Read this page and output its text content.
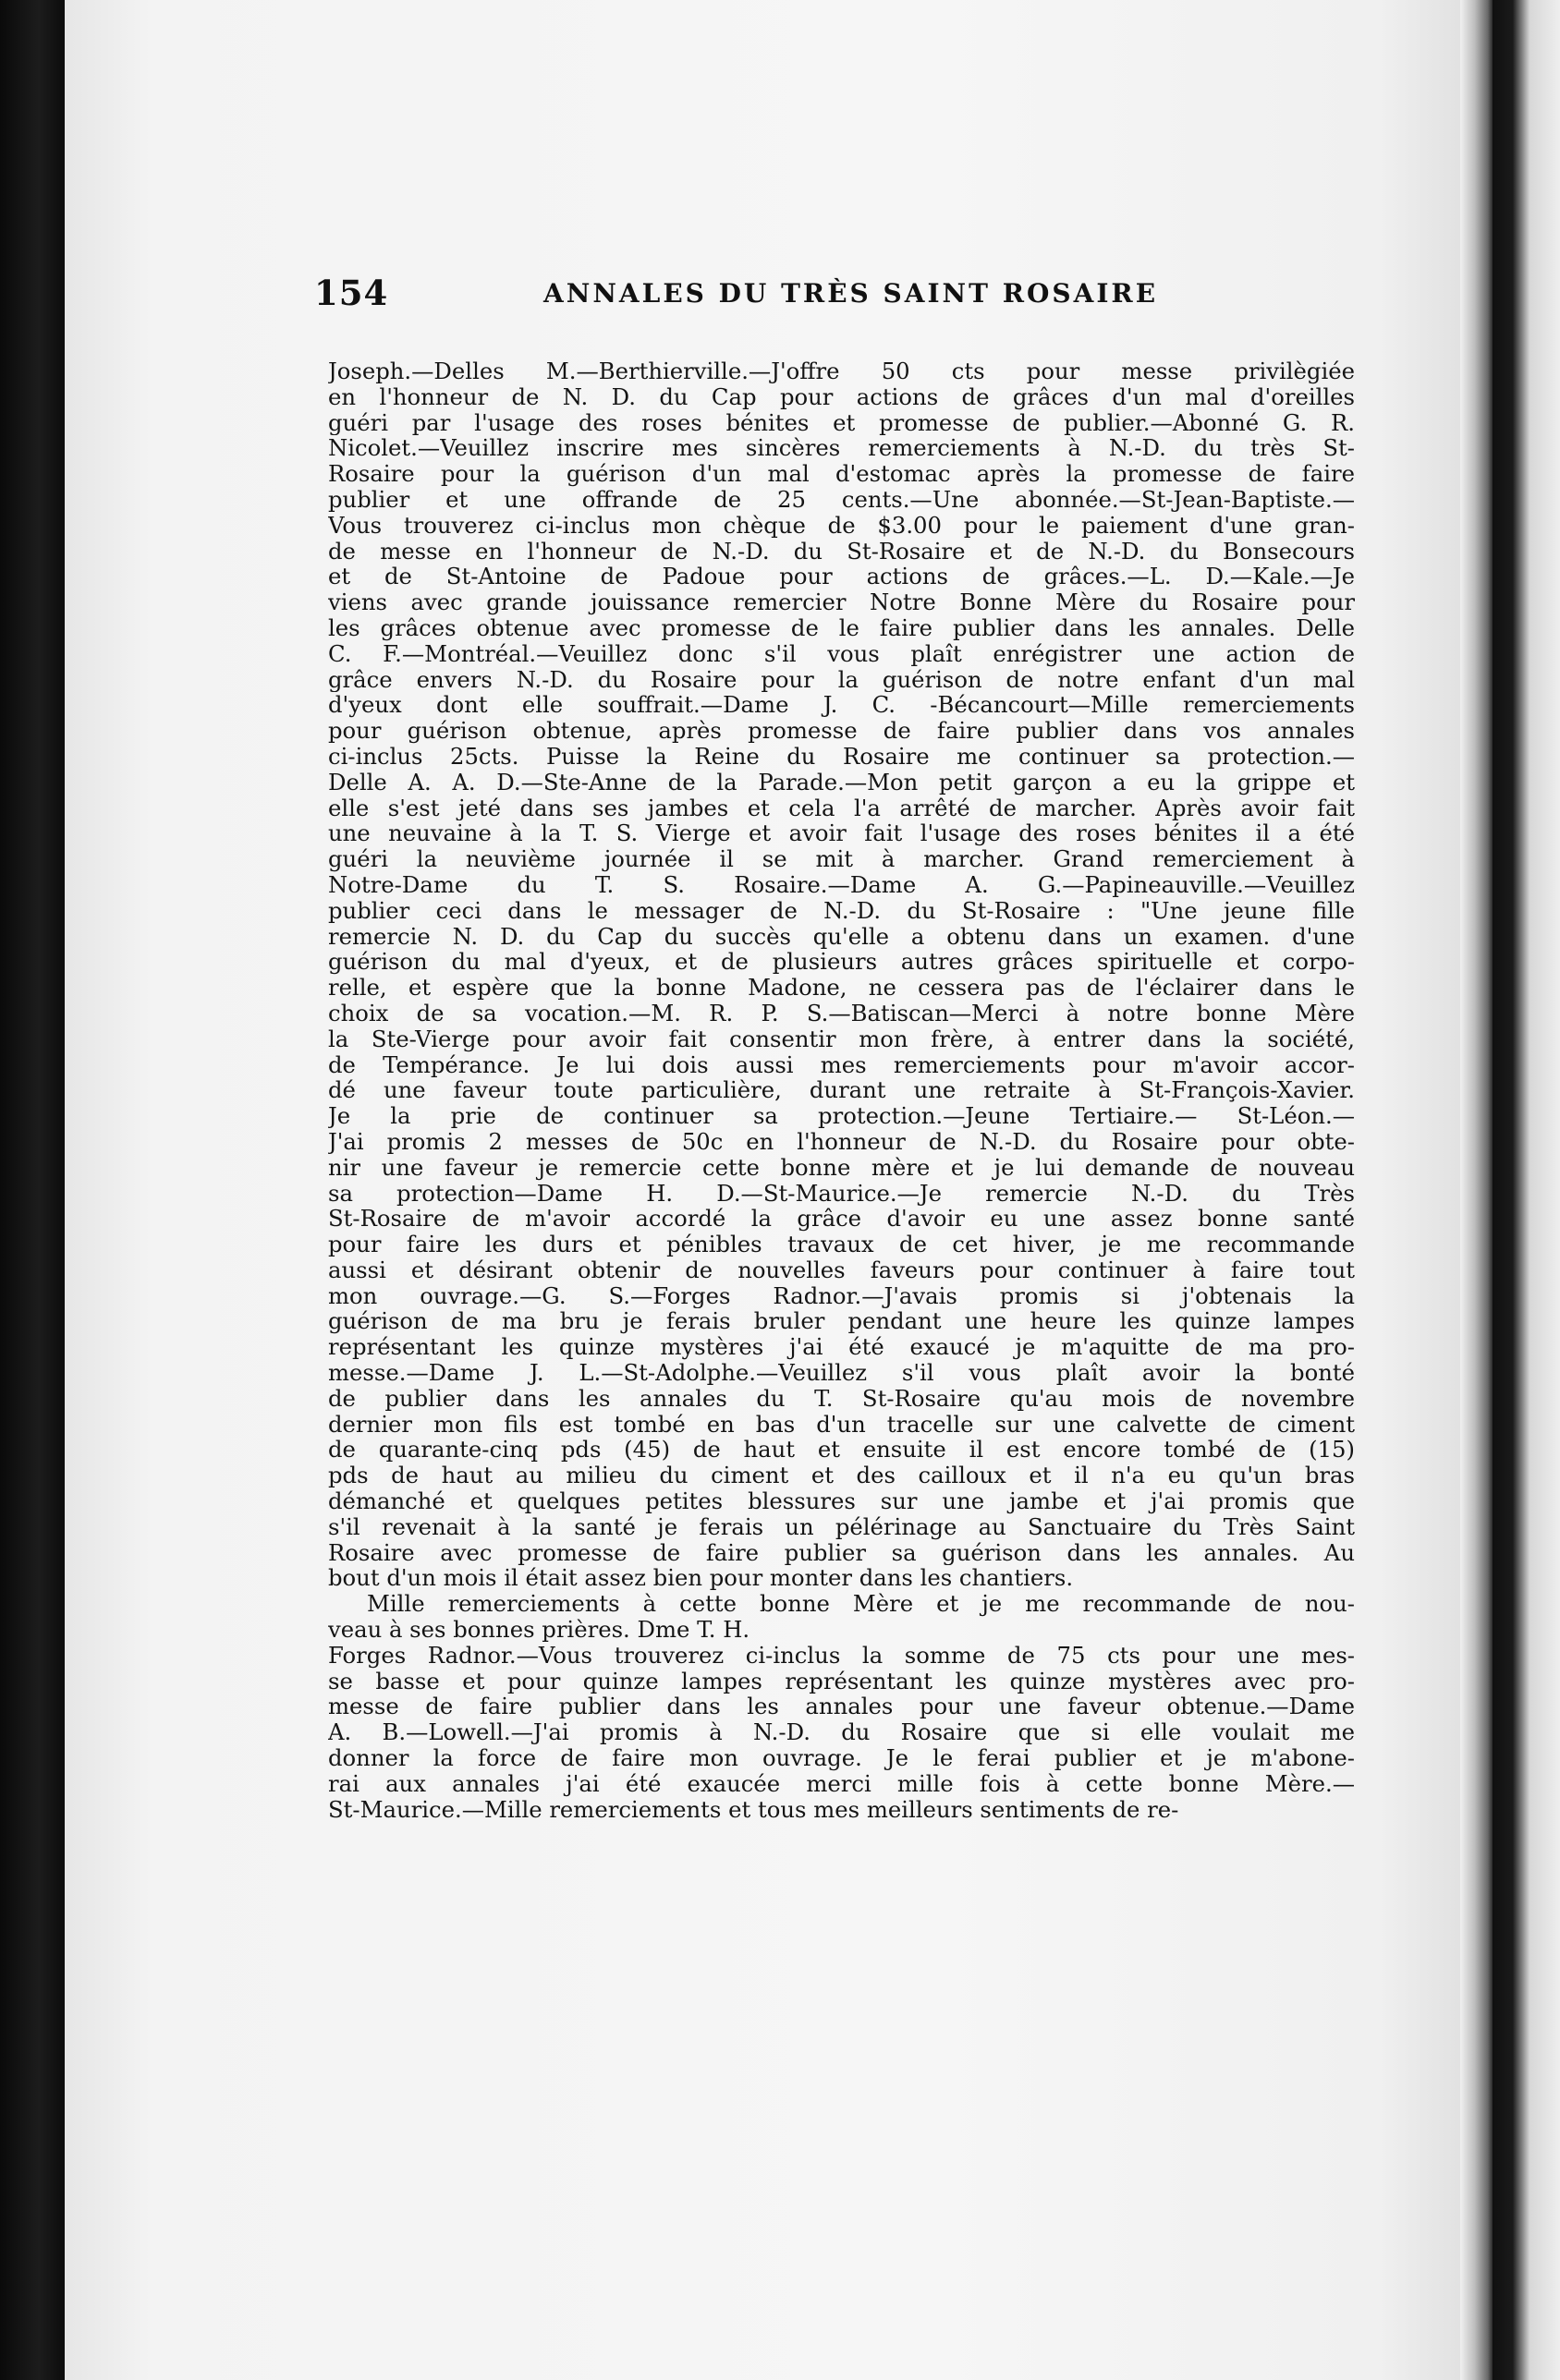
154	ANNALES DU TRÈS SAINT ROSAIRE
Joseph.—Delles M.—Berthierville.—J'offre 50 cts pour messe privilègiée
en l'honneur de N. D. du Cap pour actions de grâces d'un mal d'oreilles
guéri par l'usage des roses bénites et promesse de publier.—Abonné G. R.
Nicolet.—Veuillez inscrire mes sincères remerciements à N.-D. du très St-
Rosaire pour la guérison d'un mal d'estomac après la promesse de faire
publier et une offrande de 25 cents.—Une abonnée.—St-Jean-Baptiste.—
Vous trouverez ci-inclus mon chèque de $3.00 pour le paiement d'une gran-
de messe en l'honneur de N.-D. du St-Rosaire et de N.-D. du Bonsecours
et de St-Antoine de Padoue pour actions de grâces.—L. D.—Kale.—Je
viens avec grande jouissance remercier Notre Bonne Mère du Rosaire pour
les grâces obtenue avec promesse de le faire publier dans les annales. Delle
C. F.—Montréal.—Veuillez donc s'il vous plaît enrégistrer une action de
grâce envers N.-D. du Rosaire pour la guérison de notre enfant d'un mal
d'yeux dont elle souffrait.—Dame J. C. -Bécancourt—Mille remerciements
pour guérison obtenue, après promesse de faire publier dans vos annales
ci-inclus 25cts. Puisse la Reine du Rosaire me continuer sa protection.—
Delle A. A. D.—Ste-Anne de la Parade.—Mon petit garçon a eu la grippe et
elle s'est jeté dans ses jambes et cela l'a arrêté de marcher. Après avoir fait
une neuvaine à la T. S. Vierge et avoir fait l'usage des roses bénites il a été
guéri la neuvième journée il se mit à marcher. Grand remerciement à
Notre-Dame du T. S. Rosaire.—Dame A. G.—Papineauville.—Veuillez
publier ceci dans le messager de N.-D. du St-Rosaire : "Une jeune fille
remercie N. D. du Cap du succès qu'elle a obtenu dans un examen. d'une
guérison du mal d'yeux, et de plusieurs autres grâces spirituelle et corpo-
relle, et espère que la bonne Madone, ne cessera pas de l'éclairer dans le
choix de sa vocation.—M. R. P. S.—Batiscan—Merci à notre bonne Mère
la Ste-Vierge pour avoir fait consentir mon frère, à entrer dans la société,
de Tempérance. Je lui dois aussi mes remerciements pour m'avoir accor-
dé une faveur toute particulière, durant une retraite à St-François-Xavier.
Je la prie de continuer sa protection.—Jeune Tertiaire.— St-Léon.—
J'ai promis 2 messes de 50c en l'honneur de N.-D. du Rosaire pour obte-
nir une faveur je remercie cette bonne mère et je lui demande de nouveau
sa protection—Dame H. D.—St-Maurice.—Je remercie N.-D. du Très
St-Rosaire de m'avoir accordé la grâce d'avoir eu une assez bonne santé
pour faire les durs et pénibles travaux de cet hiver, je me recommande
aussi et désirant obtenir de nouvelles faveurs pour continuer à faire tout
mon ouvrage.—G. S.—Forges Radnor.—J'avais promis si j'obtenais la
guérison de ma bru je ferais bruler pendant une heure les quinze lampes
représentant les quinze mystères j'ai été exaucé je m'aquitte de ma pro-
messe.—Dame J. L.—St-Adolphe.—Veuillez s'il vous plaît avoir la bonté
de publier dans les annales du T. St-Rosaire qu'au mois de novembre
dernier mon fils est tombé en bas d'un tracelle sur une calvette de ciment
de quarante-cinq pds (45) de haut et ensuite il est encore tombé de (15)
pds de haut au milieu du ciment et des cailloux et il n'a eu qu'un bras
démanché et quelques petites blessures sur une jambe et j'ai promis que
s'il revenait à la santé je ferais un pélérinage au Sanctuaire du Très Saint
Rosaire avec promesse de faire publier sa guérison dans les annales. Au
bout d'un mois il était assez bien pour monter dans les chantiers.
Mille remerciements à cette bonne Mère et je me recommande de nou-
veau à ses bonnes prières. Dme T. H.
Forges Radnor.—Vous trouverez ci-inclus la somme de 75 cts pour une mes-
se basse et pour quinze lampes représentant les quinze mystères avec pro-
messe de faire publier dans les annales pour une faveur obtenue.—Dame
A. B.—Lowell.—J'ai promis à N.-D. du Rosaire que si elle voulait me
donner la force de faire mon ouvrage. Je le ferai publier et je m'abone-
rai aux annales j'ai été exaucée merci mille fois à cette bonne Mère.—
St-Maurice.—Mille remerciements et tous mes meilleurs sentiments de re-
